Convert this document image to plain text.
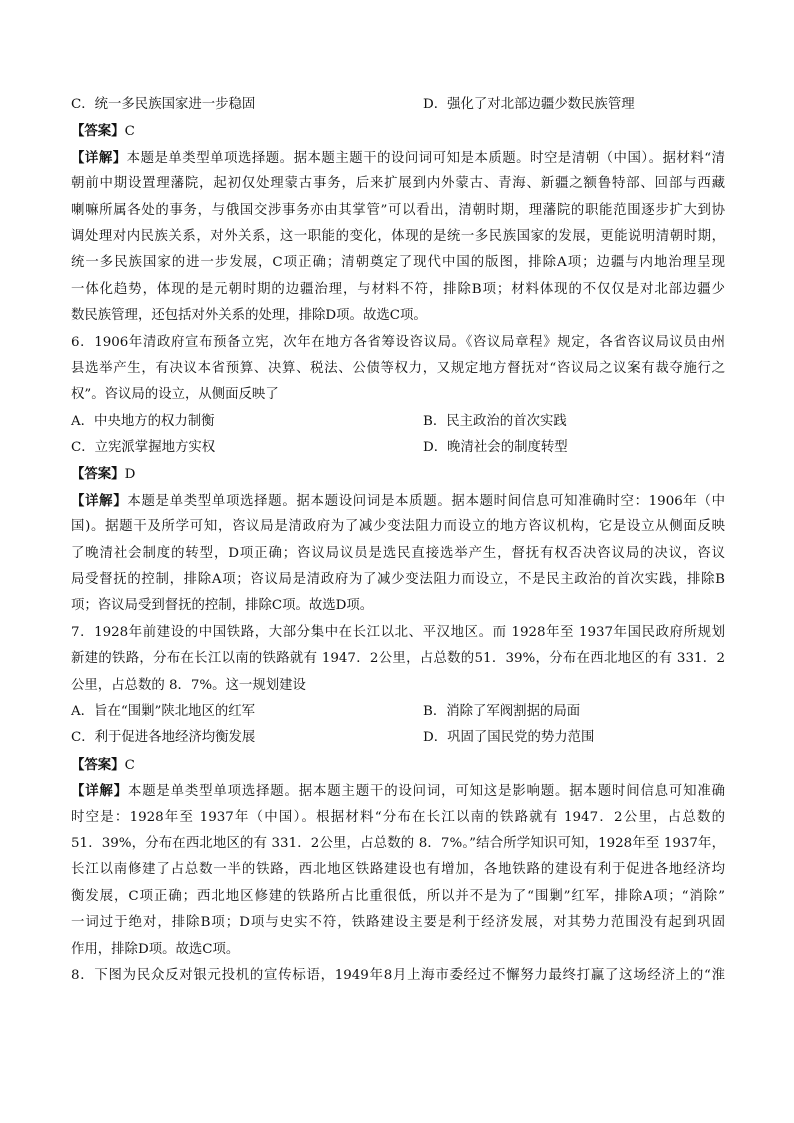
C．统一多民族国家进一步稳固	D．强化了对北部边疆少数民族管理
【答案】C
【详解】本题是单类型单项选择题。据本题主题干的设问词可知是本质题。时空是清朝（中国）。据材料“清
朝前中期设置理藩院，起初仅处理蒙古事务，后来扩展到内外蒙古、青海、新疆之额鲁特部、回部与西藏
喇嘛所属各处的事务，与俄国交涉事务亦由其掌管”可以看出，清朝时期，理藩院的职能范围逐步扩大到协
调处理对内民族关系，对外关系，这一职能的变化，体现的是统一多民族国家的发展，更能说明清朝时期，
统一多民族国家的进一步发展，C项正确；清朝奠定了现代中国的版图，排除A项；边疆与内地治理呈现
一体化趋势，体现的是元朝时期的边疆治理，与材料不符，排除B项；材料体现的不仅仅是对北部边疆少
数民族管理，还包括对外关系的处理，排除D项。故选C项。
6．1906年清政府宣布预备立宪，次年在地方各省筹设咨议局。《咨议局章程》规定，各省咨议局议员由州
县选举产生，有决议本省预算、决算、税法、公债等权力，又规定地方督抚对“咨议局之议案有裁夺施行之
权”。咨议局的设立，从侧面反映了
A．中央地方的权力制衡	B．民主政治的首次实践
C．立宪派掌握地方实权	D．晚清社会的制度转型
【答案】D
【详解】本题是单类型单项选择题。据本题设问词是本质题。据本题时间信息可知准确时空：1906年（中
国)。据题干及所学可知，咨议局是清政府为了减少变法阻力而设立的地方咨议机构，它是设立从侧面反映
了晚清社会制度的转型，D项正确；咨议局议员是选民直接选举产生，督抚有权否决咨议局的决议，咨议
局受督抚的控制，排除A项；咨议局是清政府为了减少变法阻力而设立，不是民主政治的首次实践，排除B
项；咨议局受到督抚的控制，排除C项。故选D项。
7．1928年前建设的中国铁路，大部分集中在长江以北、平汉地区。而 1928年至 1937年国民政府所规划
新建的铁路，分布在长江以南的铁路就有 1947．2公里，占总数的51．39%，分布在西北地区的有 331．2
公里，占总数的 8．7%。这一规划建设
A．旨在“围剿”陕北地区的红军	B．消除了军阀割据的局面
C．利于促进各地经济均衡发展	D．巩固了国民党的势力范围
【答案】C
【详解】本题是单类型单项选择题。据本题主题干的设问词，可知这是影响题。据本题时间信息可知准确
时空是：1928年至 1937年（中国）。根据材料“分布在长江以南的铁路就有 1947．2公里，占总数的
51．39%，分布在西北地区的有 331．2公里，占总数的 8．7%。”结合所学知识可知，1928年至 1937年，
长江以南修建了占总数一半的铁路，西北地区铁路建设也有增加，各地铁路的建设有利于促进各地经济均
衡发展，C项正确；西北地区修建的铁路所占比重很低，所以并不是为了“围剿”红军，排除A项；“消除”
一词过于绝对，排除B项；D项与史实不符，铁路建设主要是利于经济发展，对其势力范围没有起到巩固
作用，排除D项。故选C项。
8．下图为民众反对银元投机的宣传标语，1949年8月上海市委经过不懈努力最终打赢了这场经济上的“淮
